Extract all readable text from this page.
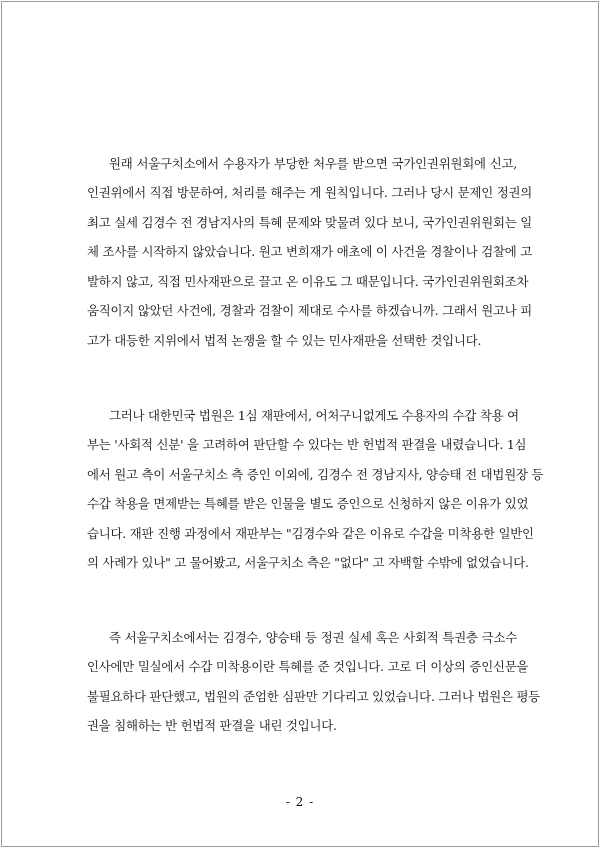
원래 서울구치소에서 수용자가 부당한 처우를 받으면 국가인권위원회에 신고,
인권위에서 직접 방문하여, 처리를 해주는 게 원칙입니다. 그러나 당시 문제인 정권의
최고 실세 김경수 전 경남지사의 특혜 문제와 맞물려 있다 보니, 국가인권위원회는 일
체 조사를 시작하지 않았습니다. 원고 변희재가 애초에 이 사건을 경찰이나 검찰에 고
발하지 않고, 직접 민사재판으로 끌고 온 이유도 그 때문입니다. 국가인권위원회조차
움직이지 않았던 사건에, 경찰과 검찰이 제대로 수사를 하겠습니까. 그래서 원고나 피
고가 대등한 지위에서 법적 논쟁을 할 수 있는 민사재판을 선택한 것입니다.
그러나 대한민국 법원은 1심 재판에서, 어처구니없게도 수용자의 수갑 착용 여
부는 '사회적 신분' 을 고려하여 판단할 수 있다는 반 헌법적 판결을 내렸습니다. 1심
에서 원고 측이 서울구치소 측 증인 이외에, 김경수 전 경남지사, 양승태 전 대법원장 등
수갑 착용을 면제받는 특혜를 받은 인물을 별도 증인으로 신청하지 않은 이유가 있었
습니다. 재판 진행 과정에서 재판부는 "김경수와 같은 이유로 수갑을 미착용한 일반인
의 사례가 있나" 고 물어봤고, 서울구치소 측은 "없다" 고 자백할 수밖에 없었습니다.
즉 서울구치소에서는 김경수, 양승태 등 정권 실세 혹은 사회적 특권층 극소수
인사에만 밀실에서 수갑 미착용이란 특혜를 준 것입니다. 고로 더 이상의 증인신문을
불필요하다 판단했고, 법원의 준엄한 심판만 기다리고 있었습니다. 그러나 법원은 평등
권을 침해하는 반 헌법적 판결을 내린 것입니다.
- 2 -
